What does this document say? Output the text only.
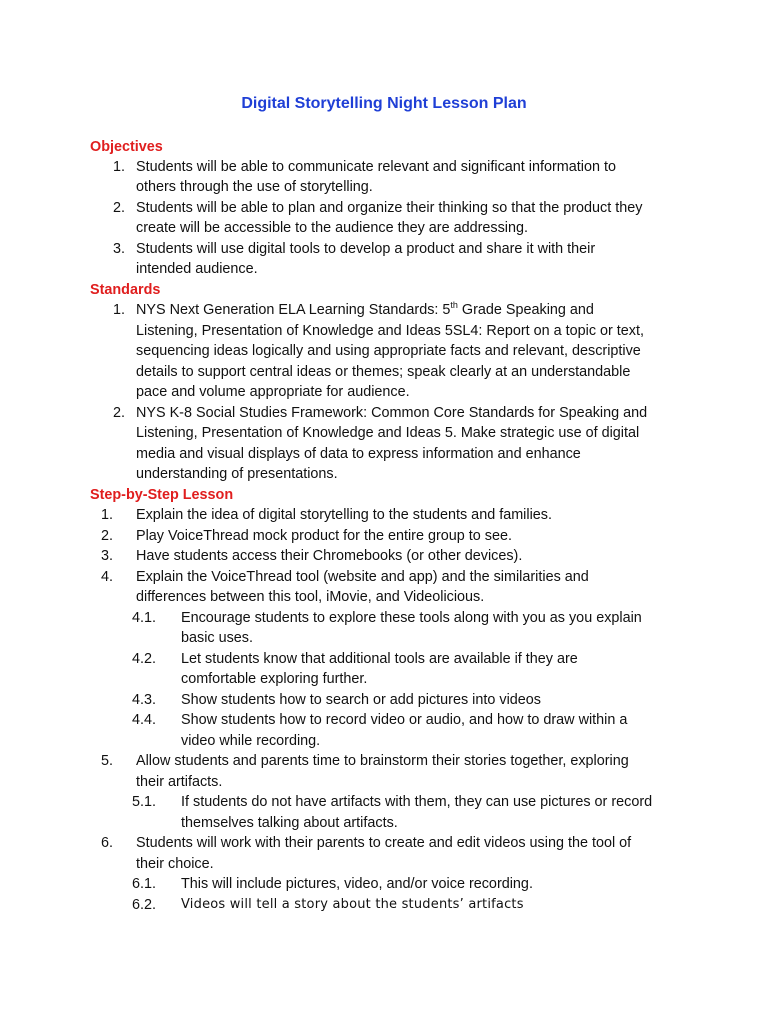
Digital Storytelling Night Lesson Plan
Objectives
1. Students will be able to communicate relevant and significant information to
others through the use of storytelling.
2. Students will be able to plan and organize their thinking so that the product they
create will be accessible to the audience they are addressing.
3. Students will use digital tools to develop a product and share it with their
intended audience.
Standards
1. NYS Next Generation ELA Learning Standards: 5th Grade Speaking and
Listening, Presentation of Knowledge and Ideas 5SL4: Report on a topic or text,
sequencing ideas logically and using appropriate facts and relevant, descriptive
details to support central ideas or themes; speak clearly at an understandable
pace and volume appropriate for audience.
2. NYS K-8 Social Studies Framework: Common Core Standards for Speaking and
Listening, Presentation of Knowledge and Ideas 5. Make strategic use of digital
media and visual displays of data to express information and enhance
understanding of presentations.
Step-by-Step Lesson
1. Explain the idea of digital storytelling to the students and families.
2. Play VoiceThread mock product for the entire group to see.
3. Have students access their Chromebooks (or other devices).
4. Explain the VoiceThread tool (website and app) and the similarities and
differences between this tool, iMovie, and Videolicious.
4.1. Encourage students to explore these tools along with you as you explain
basic uses.
4.2. Let students know that additional tools are available if they are
comfortable exploring further.
4.3. Show students how to search or add pictures into videos
4.4. Show students how to record video or audio, and how to draw within a
video while recording.
5. Allow students and parents time to brainstorm their stories together, exploring
their artifacts.
5.1. If students do not have artifacts with them, they can use pictures or record
themselves talking about artifacts.
6. Students will work with their parents to create and edit videos using the tool of
their choice.
6.1. This will include pictures, video, and/or voice recording.
6.2. Videos will tell a story about the students’ artifacts
